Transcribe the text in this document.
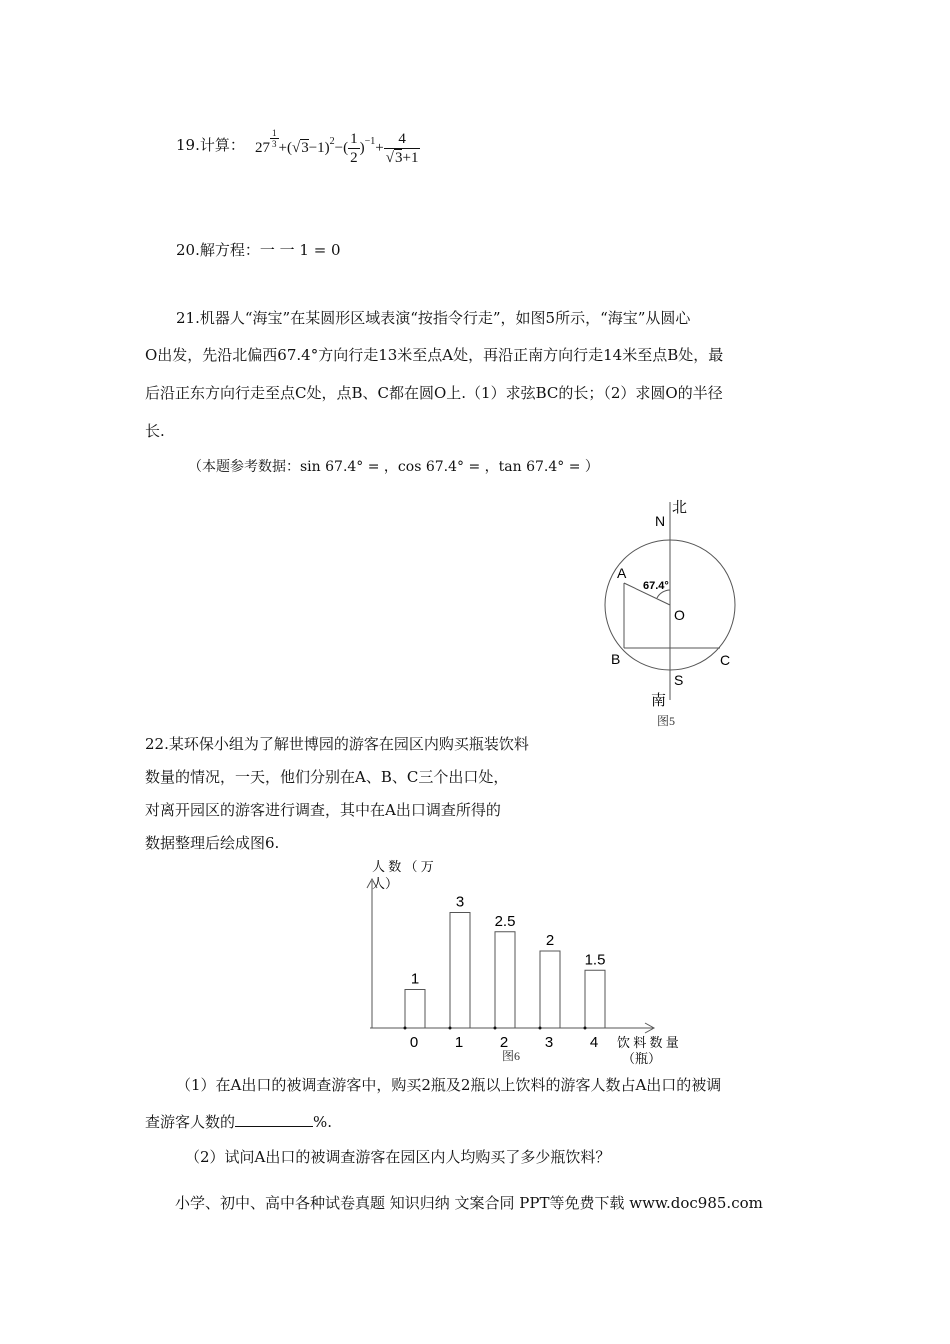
19.计算： $27 \frac{1}{3} +(√3-1)^2-( \frac{1}{2} )^{-1}+ \frac{4}{√3+1}$
20.解方程：一 一 1 = 0
21.机器人“海宝”在某圆形区域表演“按指令行走”，如图5所示，“海宝”从圆心
O出发，先沿北偏西67.4°方向行走13米至点A处，再沿正南方向行走14米至点B处，最
后沿正东方向行走至点C处，点B、C都在圆O上.（1）求弦BC的长；（2）求圆O的半径
长.
（本题参考数据：sin 67.4° = ，cos 67.4° = ，tan 67.4° = ）
北
N
67.4°
A
O
B	C
S
南
图5
22.某环保小组为了解世博园的游客在园区内购买瓶装饮料
数量的情况，一天，他们分别在A、B、C三个出口处，
对离开园区的游客进行调查，其中在A出口调查所得的
数据整理后绘成图6.
人 数 （ 万
人）
饮 料 数 量
（瓶）
图6
1
0
3
1
2.5
2
2
3
1.5
4
（1）在A出口的被调查游客中，购买2瓶及2瓶以上饮料的游客人数占A出口的被调
查游客人数的	%.
（2）试问A出口的被调查游客在园区内人均购买了多少瓶饮料？
小学、初中、高中各种试卷真题 知识归纳 文案合同 PPT等免费下载 www.doc985.com
